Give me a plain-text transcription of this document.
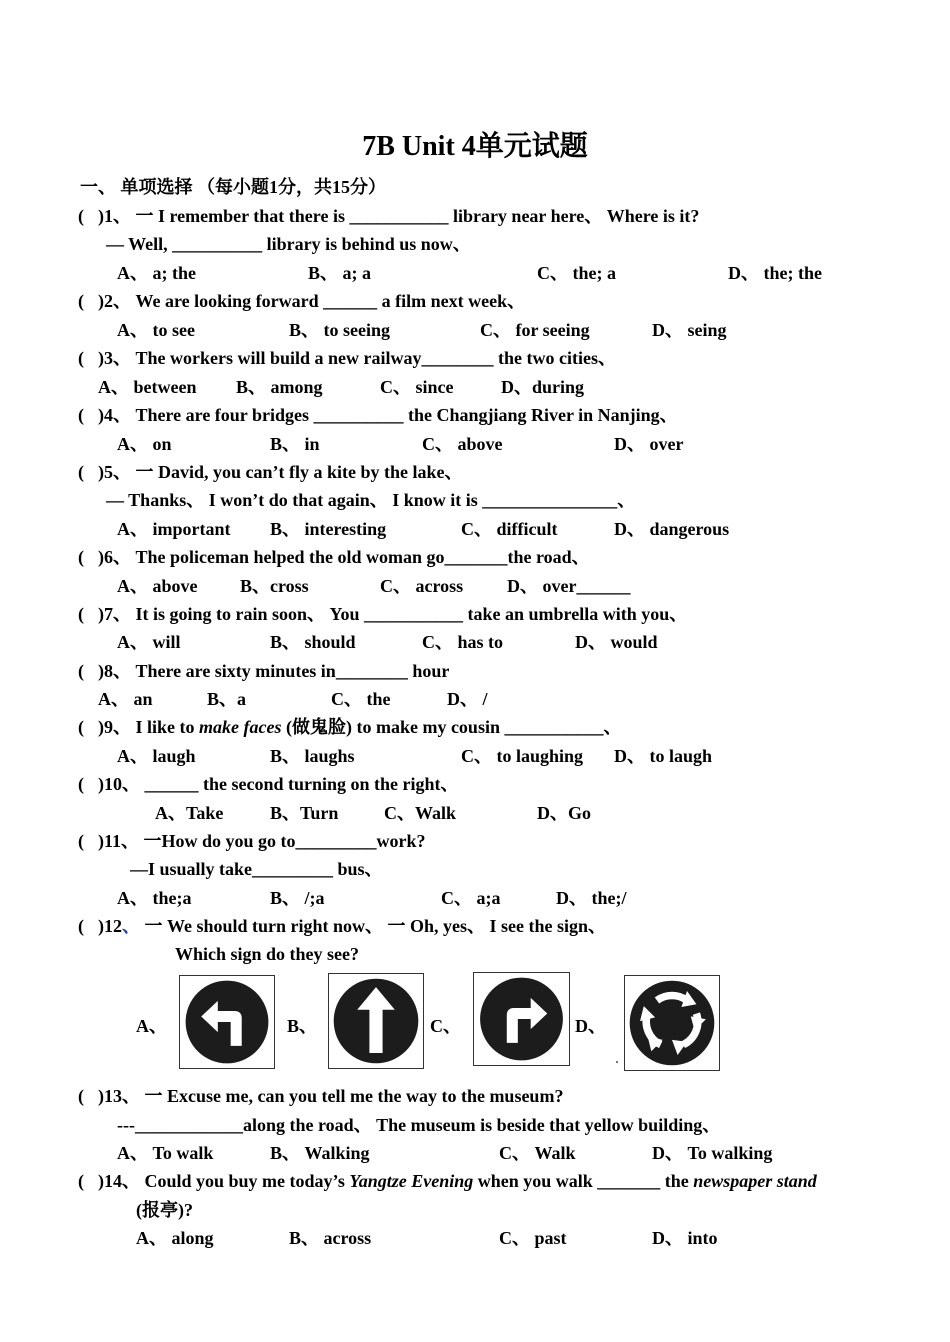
7B Unit 4单元试题
一、 单项选择 （每小题1分，共15分）
( )1、 一 I remember that there is ___________ library near here、 Where is it?
— Well, __________ library is behind us now、
A、 a; the	B、 a; a	C、 the; a	D、 the; the
( )2、 We are looking forward ______ a film next week、
A、 to see	B、 to seeing	C、 for seeing	D、 seing
( )3、 The workers will build a new railway________ the two cities、
A、 between B、 among	C、 since	D、during
( )4、 There are four bridges __________ the Changjiang River in Nanjing、
A、 on	B、 in	C、 above	D、 over
( )5、 一 David, you can’t fly a kite by the lake、
— Thanks、 I won’t do that again、 I know it is _______________、
A、 important B、 interesting	C、 difficult	D、 dangerous
( )6、 The policeman helped the old woman go_______the road、
A、 above B、cross	C、 across D、 over______
( )7、 It is going to rain soon、 You ___________ take an umbrella with you、
A、 will	B、 should	C、 has to	D、 would
( )8、 There are sixty minutes in________ hour
A、 an	B、a	C、 the	D、 /
( )9、 I like to make faces (做鬼脸) to make my cousin ___________、
A、 laugh	B、 laughs	C、 to laughing D、 to laugh
( )10、 ______ the second turning on the right、
A、Take	B、Turn	C、Walk	D、Go
( )11、 一How do you go to_________work?
—I usually take_________ bus、
A、 the;a	B、 /;a	C、 a;a	D、 the;/
( )12、 一 We should turn right now、 一 Oh, yes、 I see the sign、
Which sign do they see?
A、	B、	C、	D、
( )13、 一 Excuse me, can you tell me the way to the museum?
---____________along the road、 The museum is beside that yellow building、
A、 To walk	B、 Walking	C、 Walk	D、 To walking
( )14、 Could you buy me today’s Yangtze Evening when you walk _______ the newspaper stand
(报亭)?
A、 along	B、 across	C、 past	D、 into
